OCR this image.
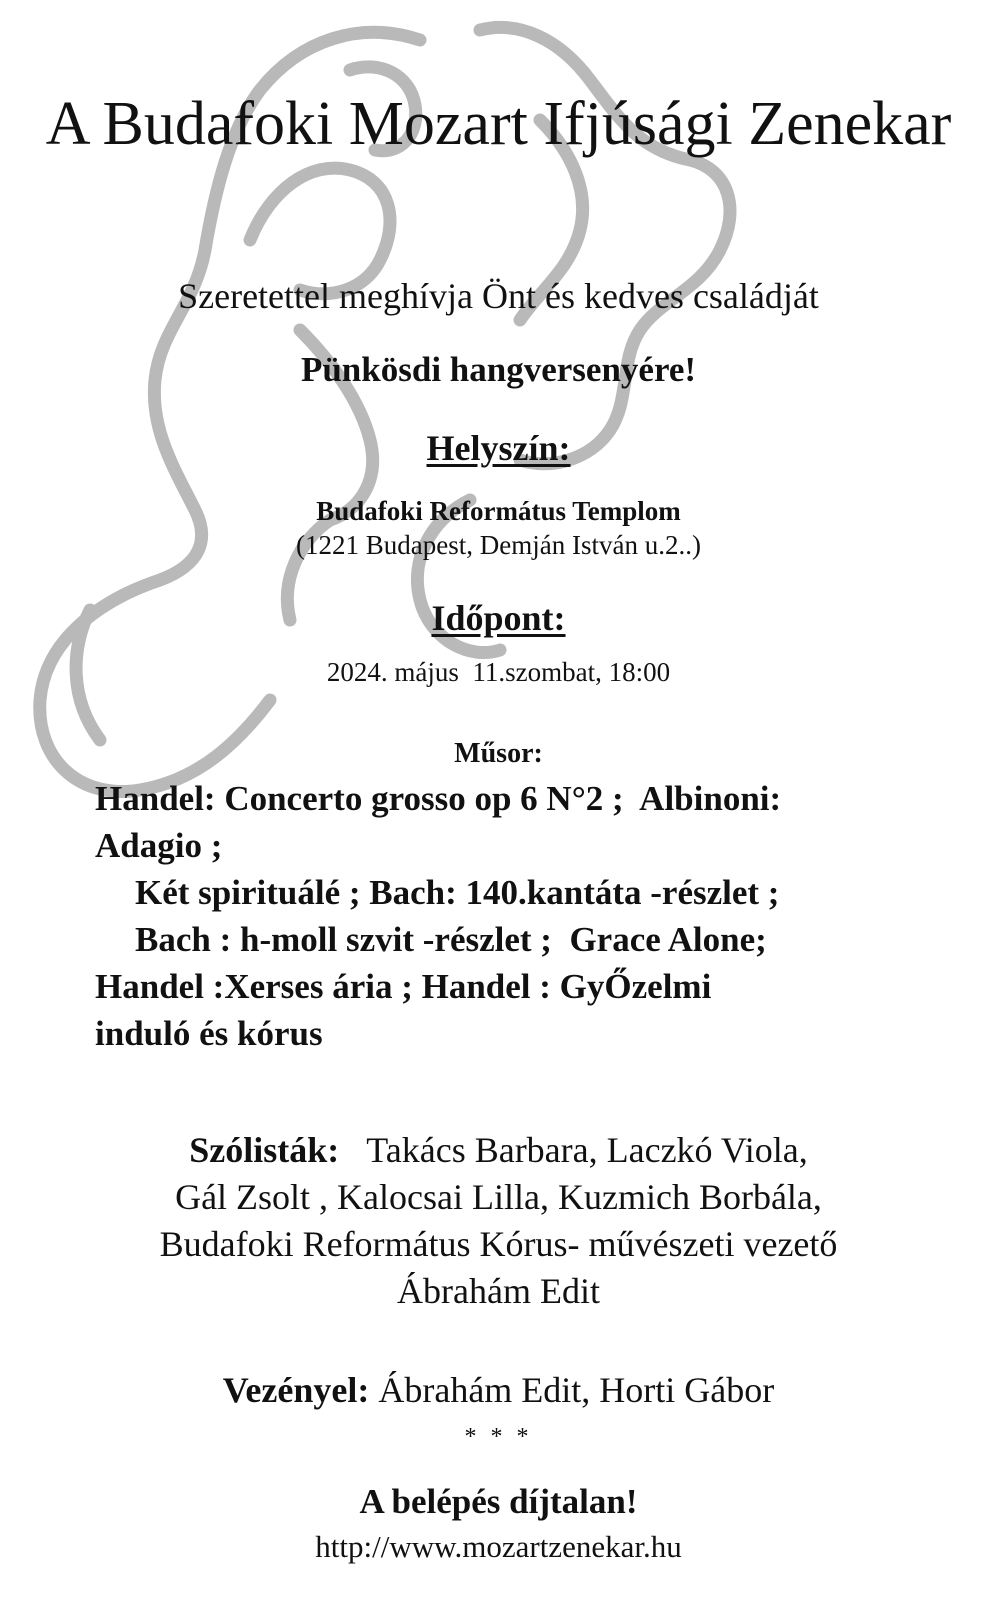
A Budafoki Mozart Ifjúsági Zenekar

Szeretettel meghívja Önt és kedves családját

Pünkösdi hangversenyére!

Helyszín:

Budafoki Református Templom

(1221 Budapest, Demján István u.2..)

Időpont:

2024. május  11.szombat, 18:00

Műsor:

Handel: Concerto grosso op 6 N°2 ;  Albinoni:

Adagio ;

Két spirituálé ; Bach: 140.kantáta -részlet ;

Bach : h-moll szvit -részlet ;  Grace Alone;

Handel :Xerses ária ; Handel : GyŐzelmi

induló és kórus

Szólisták: Takács Barbara, Laczkó Viola,

Gál Zsolt , Kalocsai Lilla, Kuzmich Borbála,

Budafoki Református Kórus- művészeti vezető

Ábrahám Edit

Vezényel: Ábrahám Edit, Horti Gábor

* * *

A belépés díjtalan!

http://www.mozartzenekar.hu
